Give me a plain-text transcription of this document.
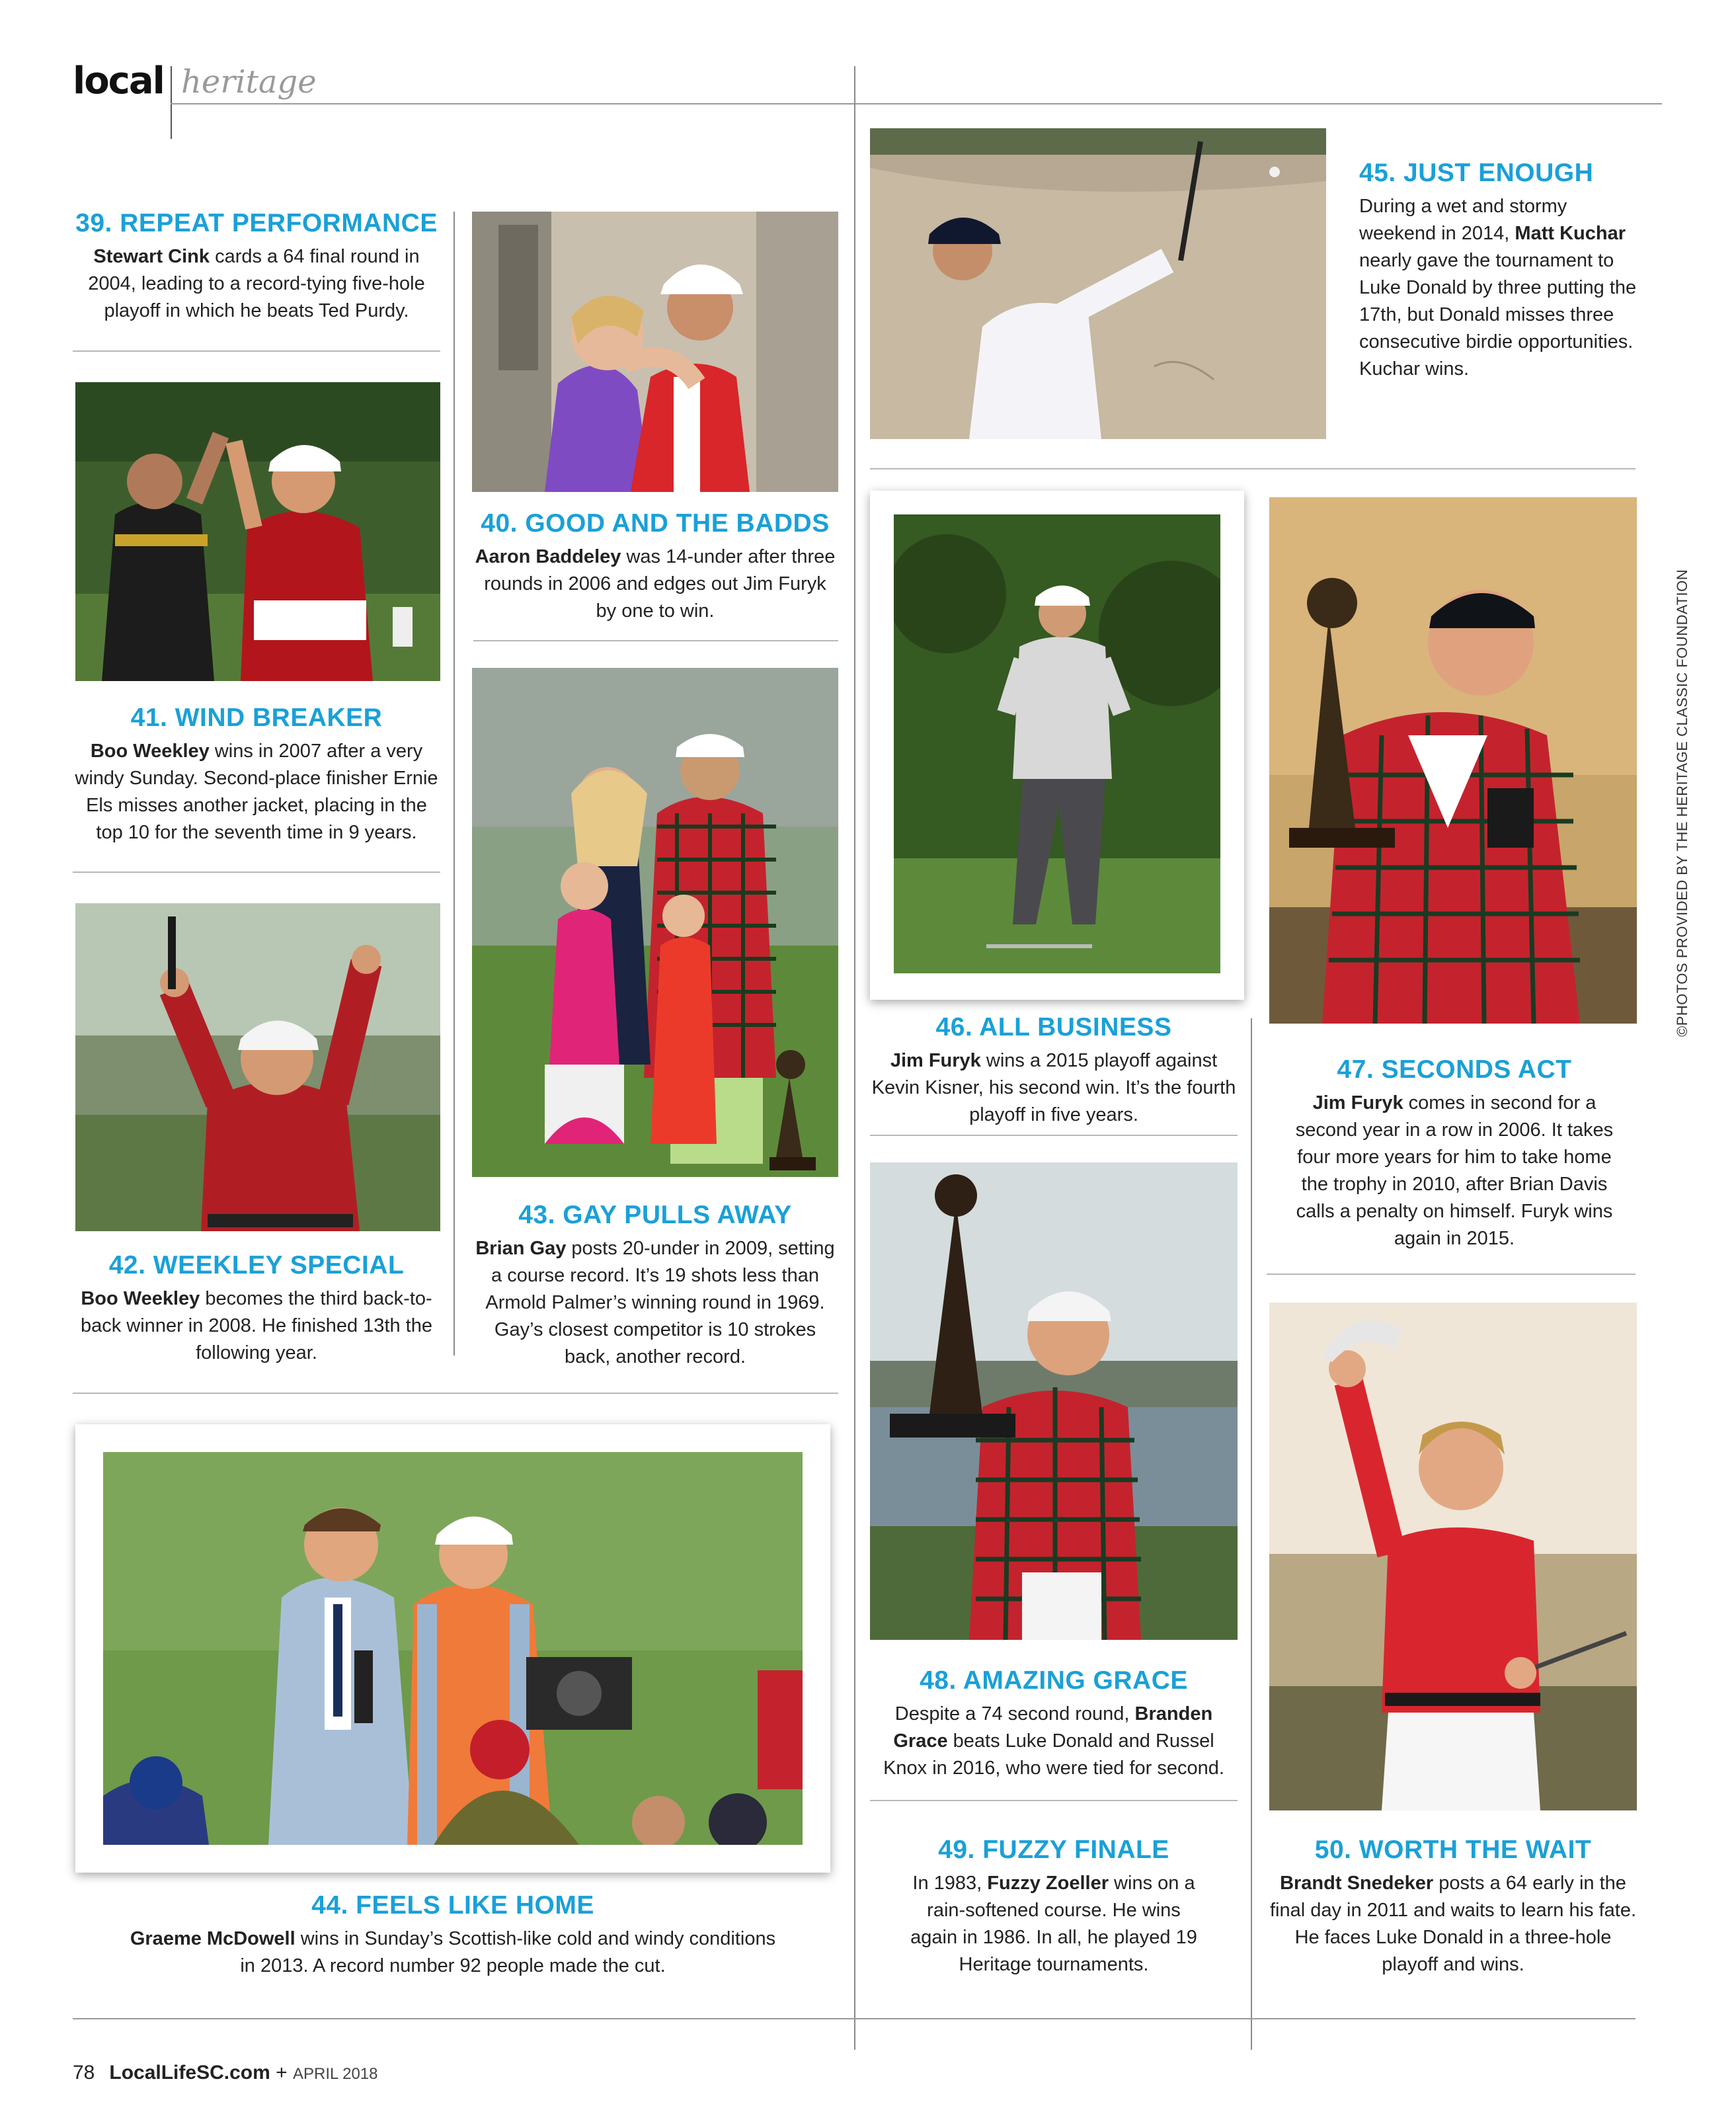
local heritage
39. REPEAT PERFORMANCE

Stewart Cink cards a 64 final round in 2004, leading to a record-tying five-hole playoff in which he beats Ted Purdy.

40. GOOD AND THE BADDS

Aaron Baddeley was 14-under after three rounds in 2006 and edges out Jim Furyk by one to win.

41. WIND BREAKER

Boo Weekley wins in 2007 after a very windy Sunday. Second-place finisher Ernie Els misses another jacket, placing in the top 10 for the seventh time in 9 years.

42. WEEKLEY SPECIAL

Boo Weekley becomes the third back-to-back winner in 2008. He finished 13th the following year.

43. GAY PULLS AWAY

Brian Gay posts 20-under in 2009, setting a course record. It’s 19 shots less than Armold Palmer’s winning round in 1969. Gay’s closest competitor is 10 strokes back, another record.

44. FEELS LIKE HOME

Graeme McDowell wins in Sunday’s Scottish-like cold and windy conditions in 2013. A record number 92 people made the cut.

45. JUST ENOUGH

During a wet and stormy weekend in 2014, Matt Kuchar nearly gave the tournament to Luke Donald by three putting the 17th, but Donald misses three consecutive birdie opportunities. Kuchar wins.

46. ALL BUSINESS

Jim Furyk wins a 2015 playoff against Kevin Kisner, his second win. It’s the fourth playoff in five years.

47. SECONDS ACT

Jim Furyk comes in second for a second year in a row in 2006. It takes four more years for him to take home the trophy in 2010, after Brian Davis calls a penalty on himself. Furyk wins again in 2015.

48. AMAZING GRACE

Despite a 74 second round, Branden Grace beats Luke Donald and Russel Knox in 2016, who were tied for second.

49. FUZZY FINALE

In 1983, Fuzzy Zoeller wins on a rain-softened course. He wins again in 1986. In all, he played 19 Heritage tournaments.

50. WORTH THE WAIT

Brandt Snedeker posts a 64 early in the final day in 2011 and waits to learn his fate. He faces Luke Donald in a three-hole playoff and wins.

©PHOTOS PROVIDED BY THE HERITAGE CLASSIC FOUNDATION
78 LocalLifeSC.com + APRIL 2018
